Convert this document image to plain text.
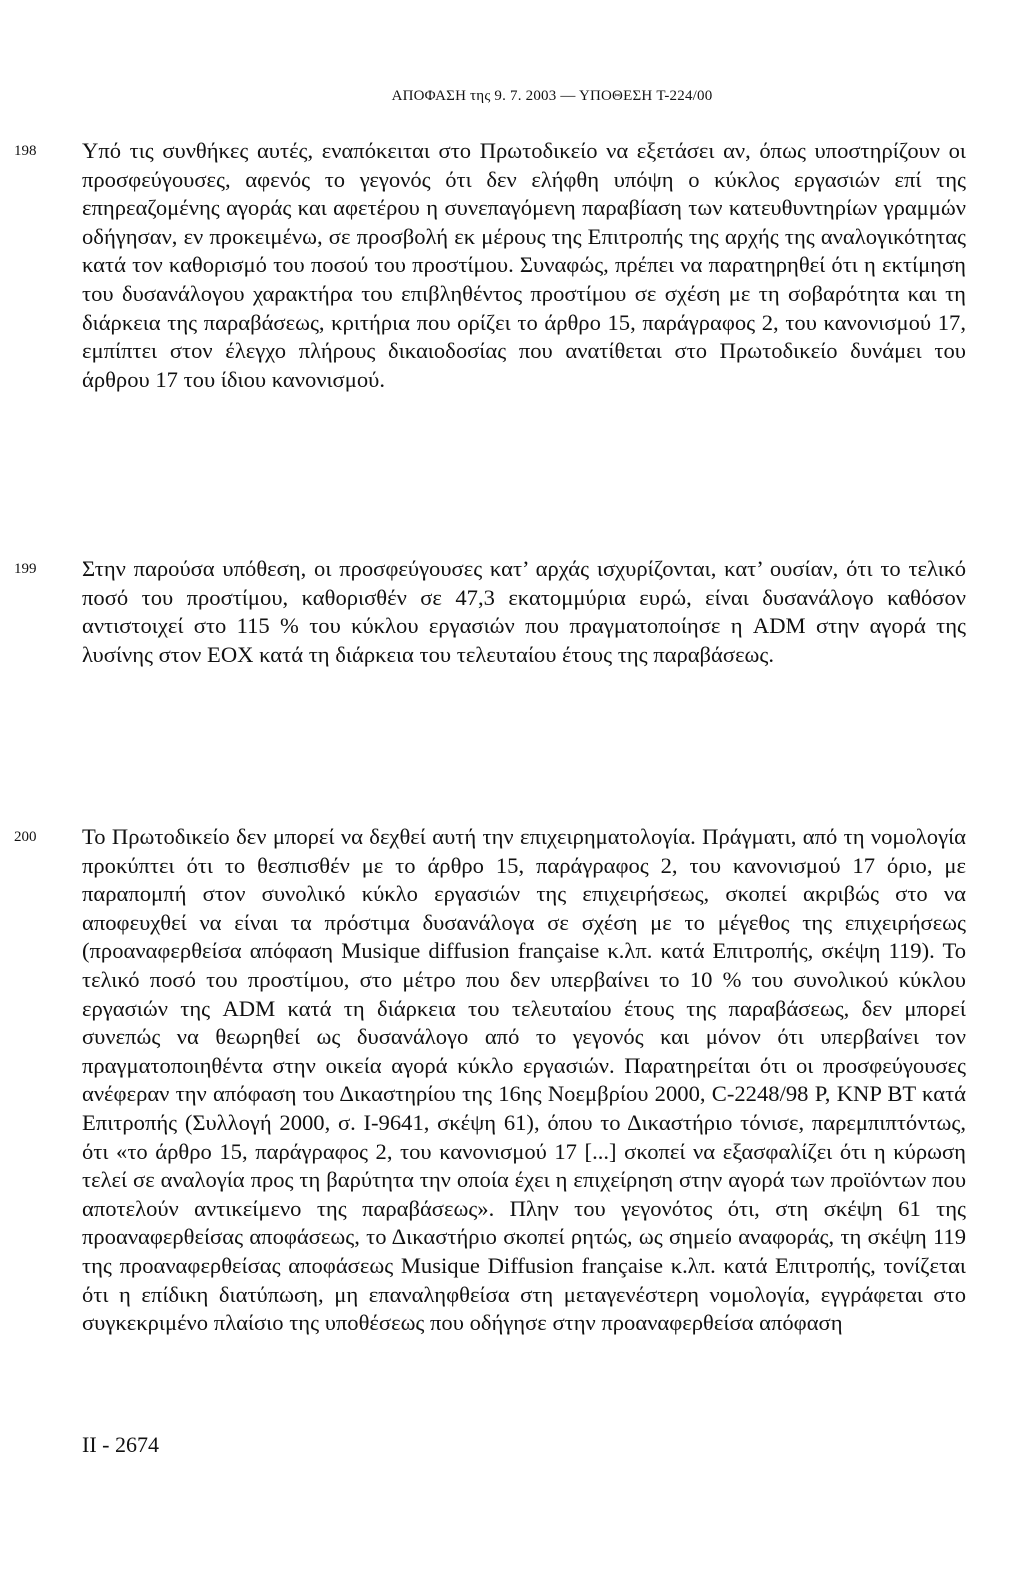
ΑΠΟΦΑΣΗ της 9. 7. 2003 — ΥΠΟΘΕΣΗ T-224/00
198 Υπό τις συνθήκες αυτές, εναπόκειται στο Πρωτοδικείο να εξετάσει αν, όπως υποστηρίζουν οι προσφεύγουσες, αφενός το γεγονός ότι δεν ελήφθη υπόψη ο κύκλος εργασιών επί της επηρεαζομένης αγοράς και αφετέρου η συνεπαγόμενη παραβίαση των κατευθυντηρίων γραμμών οδήγησαν, εν προκειμένω, σε προσβολή εκ μέρους της Επιτροπής της αρχής της αναλογικότητας κατά τον καθορισμό του ποσού του προστίμου. Συναφώς, πρέπει να παρατηρηθεί ότι η εκτίμηση του δυσανάλογου χαρακτήρα του επιβληθέντος προστίμου σε σχέση με τη σοβαρότητα και τη διάρκεια της παραβάσεως, κριτήρια που ορίζει το άρθρο 15, παράγραφος 2, του κανονισμού 17, εμπίπτει στον έλεγχο πλήρους δικαιοδοσίας που ανατίθεται στο Πρωτοδικείο δυνάμει του άρθρου 17 του ίδιου κανονισμού.

199 Στην παρούσα υπόθεση, οι προσφεύγουσες κατ’ αρχάς ισχυρίζονται, κατ’ ουσίαν, ότι το τελικό ποσό του προστίμου, καθορισθέν σε 47,3 εκατομμύρια ευρώ, είναι δυσανάλογο καθόσον αντιστοιχεί στο 115 % του κύκλου εργασιών που πραγματοποίησε η ADM στην αγορά της λυσίνης στον ΕΟΧ κατά τη διάρκεια του τελευταίου έτους της παραβάσεως.

200 Το Πρωτοδικείο δεν μπορεί να δεχθεί αυτή την επιχειρηματολογία. Πράγματι, από τη νομολογία προκύπτει ότι το θεσπισθέν με το άρθρο 15, παράγραφος 2, του κανονισμού 17 όριο, με παραπομπή στον συνολικό κύκλο εργασιών της επιχειρήσεως, σκοπεί ακριβώς στο να αποφευχθεί να είναι τα πρόστιμα δυσανάλογα σε σχέση με το μέγεθος της επιχειρήσεως (προαναφερθείσα απόφαση Musique diffusion française κ.λπ. κατά Επιτροπής, σκέψη 119). Το τελικό ποσό του προστίμου, στο μέτρο που δεν υπερβαίνει το 10 % του συνολικού κύκλου εργασιών της ADM κατά τη διάρκεια του τελευταίου έτους της παραβάσεως, δεν μπορεί συνεπώς να θεωρηθεί ως δυσανάλογο από το γεγονός και μόνον ότι υπερβαίνει τον πραγματοποιηθέντα στην οικεία αγορά κύκλο εργασιών. Παρατηρείται ότι οι προσφεύγουσες ανέφεραν την απόφαση του Δικαστηρίου της 16ης Νοεμβρίου 2000, C-2248/98 P, KNP BT κατά Επιτροπής (Συλλογή 2000, σ. I-9641, σκέψη 61), όπου το Δικαστήριο τόνισε, παρεμπιπτόντως, ότι «το άρθρο 15, παράγραφος 2, του κανονισμού 17 [...] σκοπεί να εξασφαλίζει ότι η κύρωση τελεί σε αναλογία προς τη βαρύτητα την οποία έχει η επιχείρηση στην αγορά των προϊόντων που αποτελούν αντικείμενο της παραβάσεως». Πλην του γεγονότος ότι, στη σκέψη 61 της προαναφερθείσας αποφάσεως, το Δικαστήριο σκοπεί ρητώς, ως σημείο αναφοράς, τη σκέψη 119 της προαναφερθείσας αποφάσεως Musique Diffusion française κ.λπ. κατά Επιτροπής, τονίζεται ότι η επίδικη διατύπωση, μη επαναληφθείσα στη μεταγενέστερη νομολογία, εγγράφεται στο συγκεκριμένο πλαίσιο της υποθέσεως που οδήγησε στην προαναφερθείσα απόφαση

II - 2674
